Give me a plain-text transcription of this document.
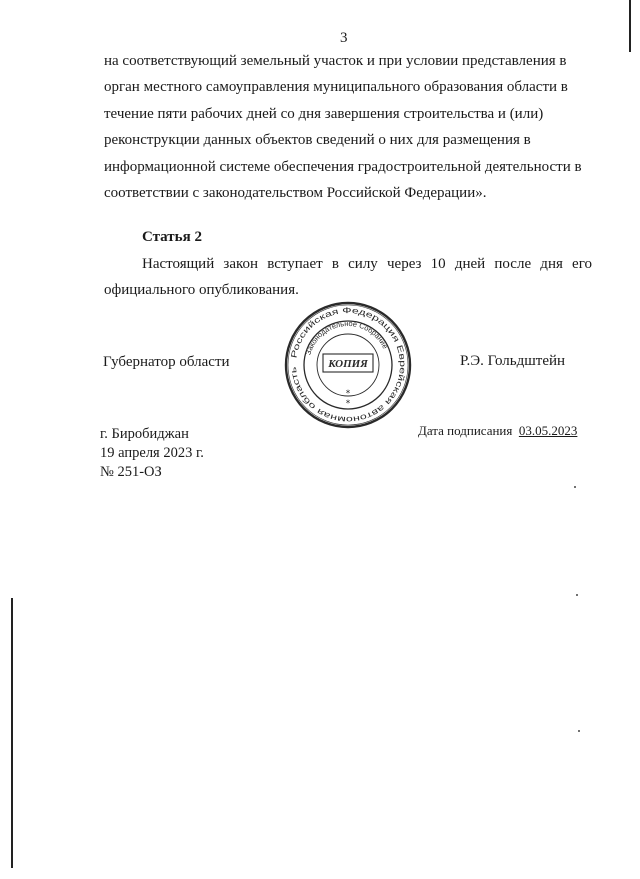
3

на соответствующий земельный участок и при условии представления в

орган местного самоуправления муниципального образования области в

течение пяти рабочих дней со дня завершения строительства и (или)

реконструкции данных объектов сведений о них для размещения в

информационной системе обеспечения градостроительной деятельности в

соответствии с законодательством Российской Федерации».

Статья 2

Настоящий закон вступает в силу через 10 дней после дня его официального опубликования.

Губернатор области	Р.Э. Гольдштейн
Российская Федерация Еврейская автономная область
Законодательное Собрание
КОПИЯ
*
*
г. Биробиджан
19 апреля 2023 г.
№ 251-ОЗ
Дата подписания 03.05.2023
